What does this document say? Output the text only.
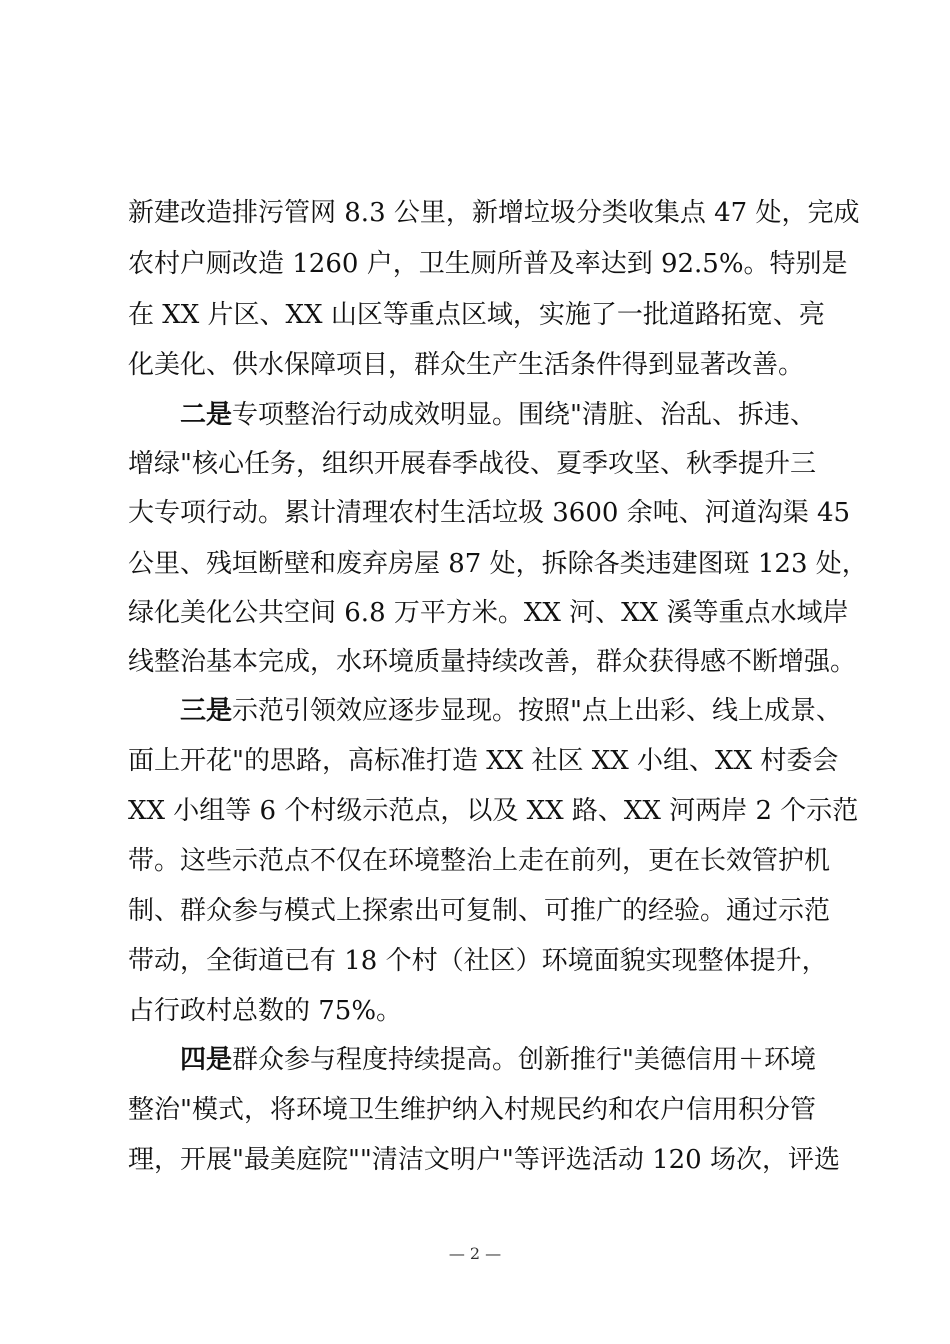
新建改造排污管网 8.3 公里，新增垃圾分类收集点 47 处，完成
农村户厕改造 1260 户，卫生厕所普及率达到 92.5%。特别是
在 XX 片区、XX 山区等重点区域，实施了一批道路拓宽、亮
化美化、供水保障项目，群众生产生活条件得到显著改善。
二是专项整治行动成效明显。围绕"清脏、治乱、拆违、
增绿"核心任务，组织开展春季战役、夏季攻坚、秋季提升三
大专项行动。累计清理农村生活垃圾 3600 余吨、河道沟渠 45
公里、残垣断壁和废弃房屋 87 处，拆除各类违建图斑 123 处，
绿化美化公共空间 6.8 万平方米。XX 河、XX 溪等重点水域岸
线整治基本完成，水环境质量持续改善，群众获得感不断增强。
三是示范引领效应逐步显现。按照"点上出彩、线上成景、
面上开花"的思路，高标准打造 XX 社区 XX 小组、XX 村委会
XX 小组等 6 个村级示范点，以及 XX 路、XX 河两岸 2 个示范
带。这些示范点不仅在环境整治上走在前列，更在长效管护机
制、群众参与模式上探索出可复制、可推广的经验。通过示范
带动，全街道已有 18 个村（社区）环境面貌实现整体提升，
占行政村总数的 75%。
四是群众参与程度持续提高。创新推行"美德信用＋环境
整治"模式，将环境卫生维护纳入村规民约和农户信用积分管
理，开展"最美庭院""清洁文明户"等评选活动 120 场次，评选
— 2 —
